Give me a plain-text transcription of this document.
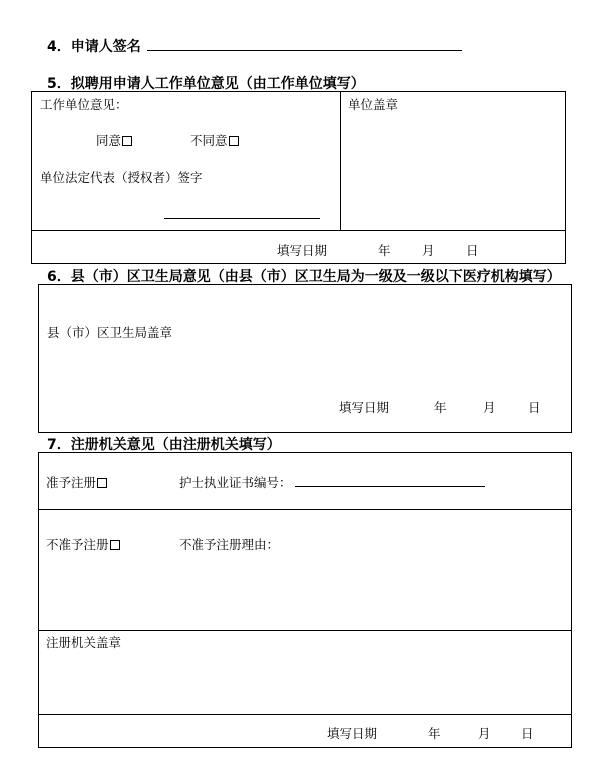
4．申请人签名
5．拟聘用申请人工作单位意见（由工作单位填写）
工作单位意见：
同意	不同意
单位法定代表（授权者）签字
单位盖章
填写日期	年	月	日
6．县（市）区卫生局意见（由县（市）区卫生局为一级及一级以下医疗机构填写）
县（市）区卫生局盖章
填写日期	年	月	日
7．注册机关意见（由注册机关填写）
准予注册	护士执业证书编号：
不准予注册	不准予注册理由：
注册机关盖章
填写日期	年	月 日
